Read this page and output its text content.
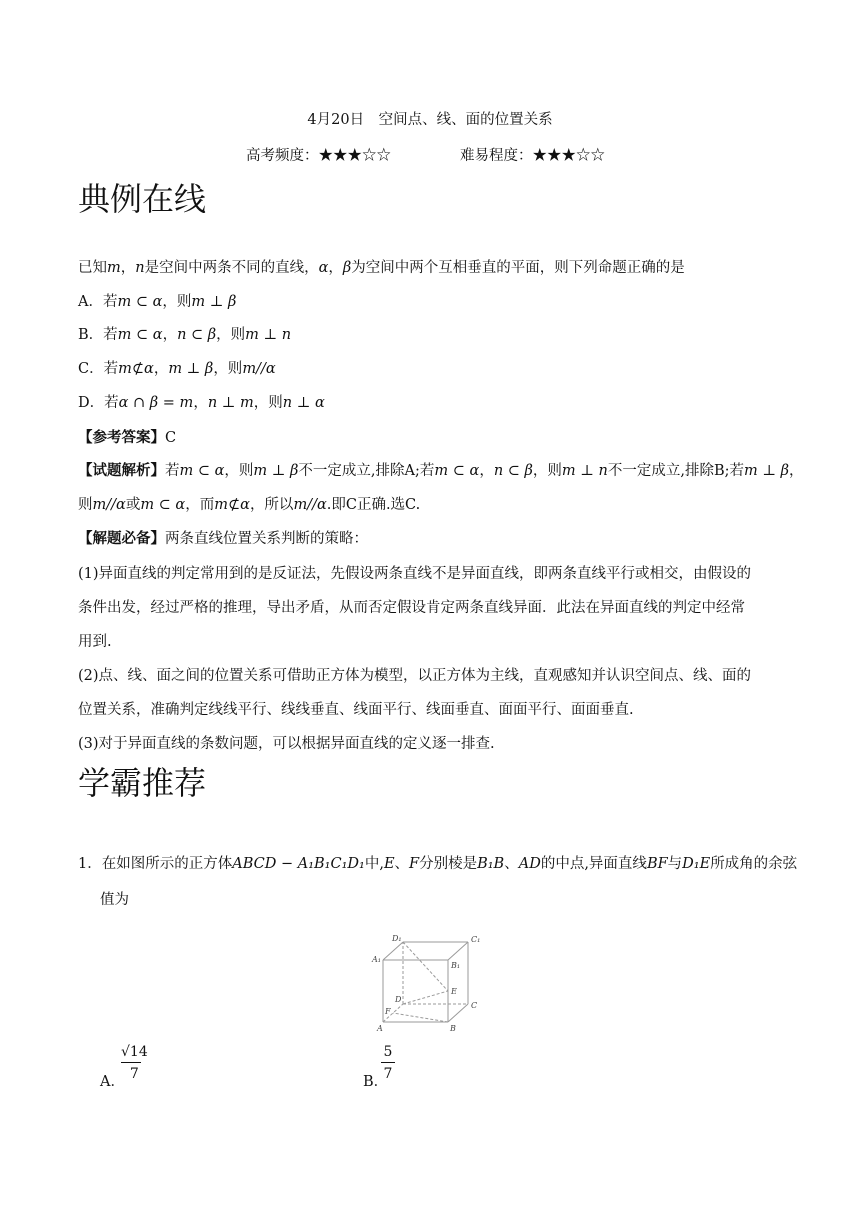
4月20日　空间点、线、面的位置关系
高考频度：★★★☆☆	难易程度：★★★☆☆
典例在线
已知m，n是空间中两条不同的直线，α，β为空间中两个互相垂直的平面，则下列命题正确的是
A．若m ⊂ α，则m ⊥ β
B．若m ⊂ α，n ⊂ β，则m ⊥ n
C．若m⊄α，m ⊥ β，则m//α
D．若α ∩ β = m，n ⊥ m，则n ⊥ α
【参考答案】C
【试题解析】若m ⊂ α，则m ⊥ β不一定成立,排除A;若m ⊂ α，n ⊂ β，则m ⊥ n不一定成立,排除B;若m ⊥ β，
则m//α或m ⊂ α，而m⊄α，所以m//α.即C正确.选C.
【解题必备】两条直线位置关系判断的策略：
(1)异面直线的判定常用到的是反证法，先假设两条直线不是异面直线，即两条直线平行或相交，由假设的
条件出发，经过严格的推理，导出矛盾，从而否定假设肯定两条直线异面．此法在异面直线的判定中经常
用到.
(2)点、线、面之间的位置关系可借助正方体为模型，以正方体为主线，直观感知并认识空间点、线、面的
位置关系，准确判定线线平行、线线垂直、线面平行、线面垂直、面面平行、面面垂直.
(3)对于异面直线的条数问题，可以根据异面直线的定义逐一排查.
学霸推荐
1．在如图所示的正方体ABCD − A₁B₁C₁D₁中,E、F分别棱是B₁B、AD的中点,异面直线BF与D₁E所成角的余弦
值为
D₁	C₁
A₁
B₁
D
C
E
F
A	B
A．
√14
7	B．
5
7
